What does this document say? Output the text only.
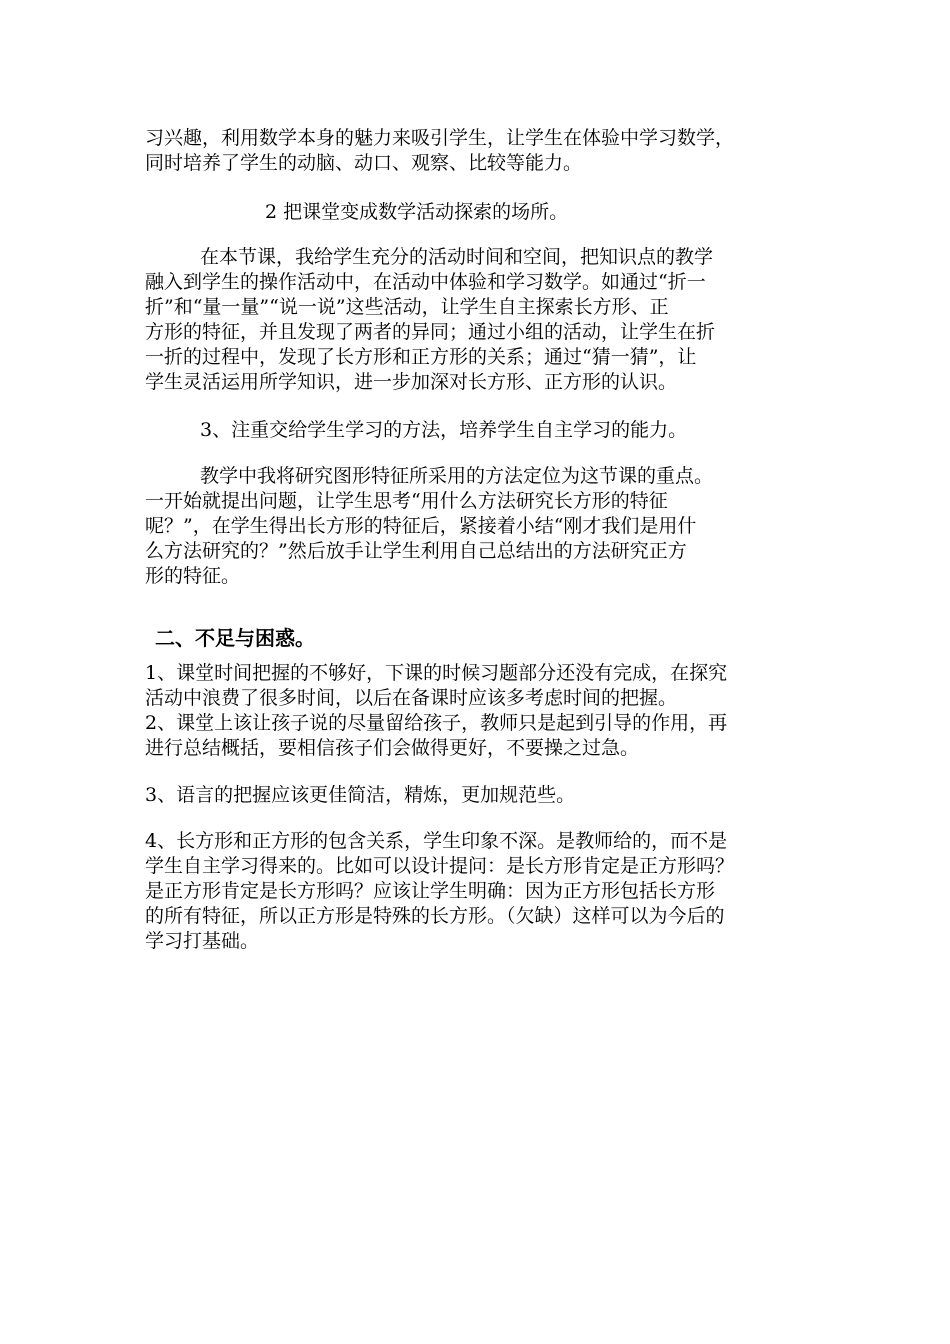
习兴趣，利用数学本身的魅力来吸引学生，让学生在体验中学习数学，
同时培养了学生的动脑、动口、观察、比较等能力。
2 把课堂变成数学活动探索的场所。
在本节课，我给学生充分的活动时间和空间，把知识点的教学
融入到学生的操作活动中，在活动中体验和学习数学。如通过“折一
折”和“量一量”“说一说”这些活动，让学生自主探索长方形、正
方形的特征，并且发现了两者的异同；通过小组的活动，让学生在折
一折的过程中，发现了长方形和正方形的关系；通过“猜一猜”，让
学生灵活运用所学知识，进一步加深对长方形、正方形的认识。
3、注重交给学生学习的方法，培养学生自主学习的能力。
教学中我将研究图形特征所采用的方法定位为这节课的重点。
一开始就提出问题，让学生思考“用什么方法研究长方形的特征
呢？”，在学生得出长方形的特征后，紧接着小结“刚才我们是用什
么方法研究的？”然后放手让学生利用自己总结出的方法研究正方
形的特征。
二、不足与困惑。
1、课堂时间把握的不够好，下课的时候习题部分还没有完成，在探究
活动中浪费了很多时间，以后在备课时应该多考虑时间的把握。
2、课堂上该让孩子说的尽量留给孩子，教师只是起到引导的作用，再
进行总结概括，要相信孩子们会做得更好，不要操之过急。
3、语言的把握应该更佳简洁，精炼，更加规范些。
4、长方形和正方形的包含关系，学生印象不深。是教师给的，而不是
学生自主学习得来的。比如可以设计提问：是长方形肯定是正方形吗？
是正方形肯定是长方形吗？应该让学生明确：因为正方形包括长方形
的所有特征，所以正方形是特殊的长方形。（欠缺）这样可以为今后的
学习打基础。
